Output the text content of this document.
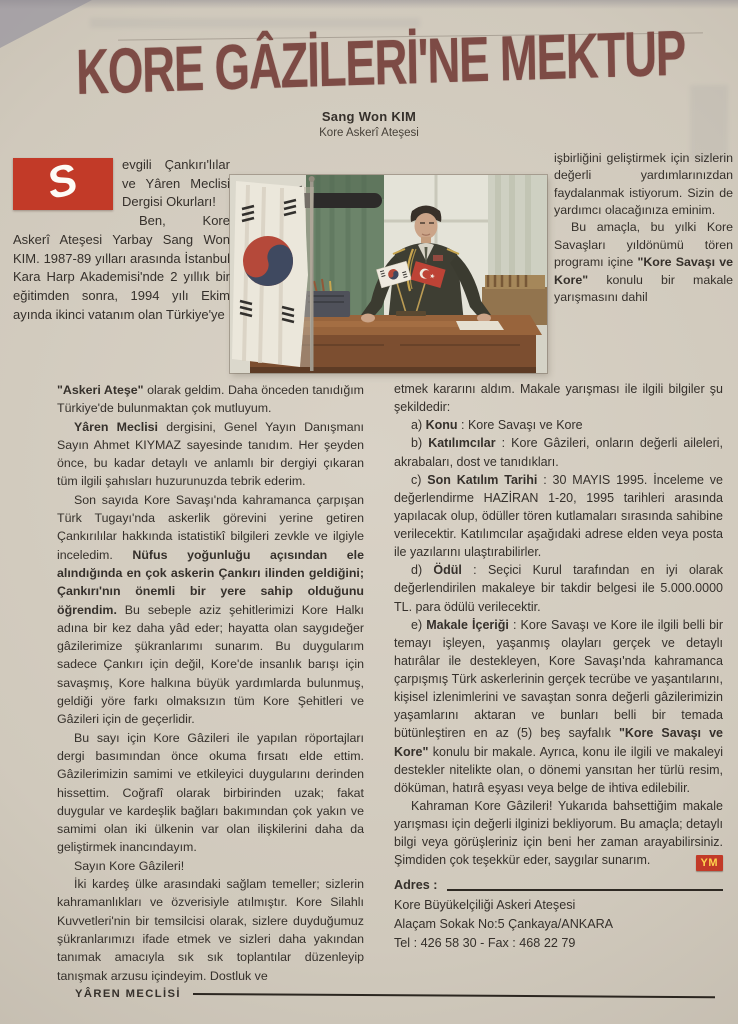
KORE GÂZİLERİ'NE MEKTUP
Sang Won KIM
Kore Askerî Ateşesi
S	evgili Çankırı'lılar ve Yâren Meclisi Dergisi Okurları!

Ben, Kore Askerî Ateşesi Yarbay Sang Won KIM. 1987-89 yılları arasında İstanbul Kara Harp Akademisi'nde 2 yıllık bir eğitimden sonra, 1994 yılı Ekim ayında ikinci vatanım olan Türkiye'ye

işbirliğini geliştirmek için sizlerin değerli yardımlarınızdan faydalanmak istiyorum. Sizin de yardımcı olacağınıza eminim.

Bu amaçla, bu yılki Kore Savaşları yıldönümü tören programı içine "Kore Savaşı ve Kore" konulu bir makale yarışmasını dahil

"Askeri Ateşe" olarak geldim. Daha önceden tanıdığım Türkiye'de bulunmaktan çok mutluyum.

Yâren Meclisi dergisini, Genel Yayın Danışmanı Sayın Ahmet KIYMAZ sayesinde tanıdım. Her şeyden önce, bu kadar detaylı ve anlamlı bir dergiyi çıkaran tüm ilgili şahısları huzurunuzda tebrik ederim.

Son sayıda Kore Savaşı'nda kahramanca çarpışan Türk Tugayı'nda askerlik görevini yerine getiren Çankırılılar hakkında istatistikî bilgileri zevkle ve ilgiyle inceledim. Nüfus yoğunluğu açısından ele alındığında en çok askerin Çankırı ilinden geldiğini; Çankırı'nın önemli bir yere sahip olduğunu öğrendim. Bu sebeple aziz şehitlerimizi Kore Halkı adına bir kez daha yâd eder; hayatta olan saygıdeğer gâzilerimize şükranlarımı sunarım. Bu duygularım sadece Çankırı için değil, Kore'de insanlık barışı için savaşmış, Kore halkına büyük yardımlarda bulunmuş, geldiği yöre farkı olmaksızın tüm Kore Şehitleri ve Gâzileri için de geçerlidir.

Bu sayı için Kore Gâzileri ile yapılan röportajları dergi basımından önce okuma fırsatı elde ettim. Gâzilerimizin samimi ve etkileyici duygularını derinden hissettim. Coğrafî olarak birbirinden uzak; fakat duygular ve kardeşlik bağları bakımından çok yakın ve samimi olan iki ülkenin var olan ilişkilerini daha da geliştirmek inancındayım.

Sayın Kore Gâzileri!

İki kardeş ülke arasındaki sağlam temeller; sizlerin kahramanlıkları ve özverisiyle atılmıştır. Kore Silahlı Kuvvetleri'nin bir temsilcisi olarak, sizlere duyduğumuz şükranlarımızı ifade etmek ve sizleri daha yakından tanımak amacıyla sık sık toplantılar düzenleyip tanışmak arzusu içindeyim. Dostluk ve

etmek kararını aldım. Makale yarışması ile ilgili bilgiler şu şekildedir:

a) Konu : Kore Savaşı ve Kore

b) Katılımcılar : Kore Gâzileri, onların değerli aileleri, akrabaları, dost ve tanıdıkları.

c) Son Katılım Tarihi : 30 MAYIS 1995. İnceleme ve değerlendirme HAZİRAN 1-20, 1995 tarihleri arasında yapılacak olup, ödüller tören kutlamaları sırasında sahibine verilecektir. Katılımcılar aşağıdaki adrese elden veya posta ile yazılarını ulaştırabilirler.

d) Ödül : Seçici Kurul tarafından en iyi olarak değerlendirilen makaleye bir takdir belgesi ile 5.000.0000 TL. para ödülü verilecektir.

e) Makale İçeriği : Kore Savaşı ve Kore ile ilgili belli bir temayı işleyen, yaşanmış olayları gerçek ve detaylı hatırâlar ile destekleyen, Kore Savaşı'nda kahramanca çarpışmış Türk askerlerinin gerçek tecrübe ve yaşantılarını, kişisel izlenimlerini ve savaştan sonra değerli gâzilerimizin yaşamlarını aktaran ve bunları belli bir temada bütünleştiren en az (5) beş sayfalık "Kore Savaşı ve Kore" konulu bir makale. Ayrıca, konu ile ilgili ve makaleyi destekler nitelikte olan, o dönemi yansıtan her türlü resim, döküman, hatırâ eşyası veya belge de ihtiva edilebilir.

Kahraman Kore Gâzileri! Yukarıda bahsettiğim makale yarışması için değerli ilginizi bekliyorum. Bu amaçla; detaylı bilgi veya görüşleriniz için beni her zaman arayabilirsiniz. Şimdiden çok teşekkür eder, saygılar sunarım.	YM
Adres :
Kore Büyükelçiliği Askeri Ateşesi
Alaçam Sokak No:5 Çankaya/ANKARA
Tel : 426 58 30 - Fax : 468 22 79
YÂREN MECLİSİ
